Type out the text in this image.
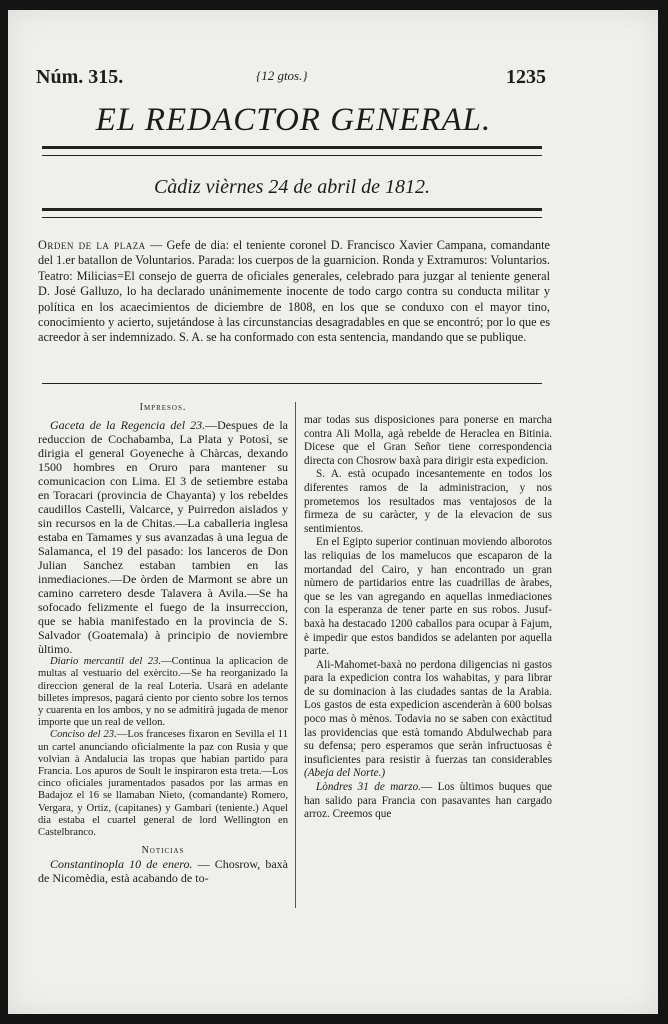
Núm. 315.	{12 gtos.}	1235
EL REDACTOR GENERAL.
Càdiz vièrnes 24 de abril de 1812.
Orden de la plaza — Gefe de dia: el teniente coronel D. Francisco Xavier Campana, comandante del 1.er batallon de Voluntarios. Parada: los cuerpos de la guarnicion. Ronda y Extramuros: Voluntarios. Teatro: Milicias=El consejo de guerra de oficiales generales, celebrado para juzgar al teniente general D. José Galluzo, lo ha declarado unánimemente inocente de todo cargo contra su conducta militar y política en los acaecimientos de diciembre de 1808, en los que se conduxo con el mayor tino, conocimiento y acierto, sujetándose à las circunstancias desagradables en que se encontró; por lo que es acreedor à ser indemnizado. S. A. se ha conformado con esta sentencia, mandando que se publique.

Impresos.

Gaceta de la Regencia del 23.—Despues de la reduccion de Cochabamba, La Plata y Potosì, se dirigia el general Goyeneche à Chàrcas, dexando 1500 hombres en Oruro para mantener su comunicacion con Lima. El 3 de setiembre estaba en Toracari (provincia de Chayanta) y los rebeldes caudillos Castelli, Valcarce, y Puirredon aislados y sin recursos en la de Chitas.—La caballeria inglesa estaba en Tamames y sus avanzadas à una legua de Salamanca, el 19 del pasado: los lanceros de Don Julian Sanchez estaban tambien en las inmediaciones.—De òrden de Marmont se abre un camino carretero desde Talavera à Avila.—Se ha sofocado felizmente el fuego de la insurreccion, que se habia manifestado en la provincia de S. Salvador (Goatemala) à principio de noviembre ùltimo.

Diario mercantil del 23.—Continua la aplicacion de multas al vestuario del exèrcito.—Se ha reorganizado la direccion general de la real Loteria. Usará en adelante billetes impresos, pagará ciento por ciento sobre los ternos y cuarenta en los ambos, y no se admitirà jugada de menor importe que un real de vellon.

Conciso del 23.—Los franceses fixaron en Sevilla el 11 un cartel anunciando oficialmente la paz con Rusia y que volvian à Andalucia las tropas que habian partido para Francia. Los apuros de Soult le inspiraron esta treta.—Los cinco oficiales juramentados pasados por las armas en Badajoz el 16 se llamaban Nieto, (comandante) Romero, Vergara, y Ortiz, (capitanes) y Gambari (teniente.) Aquel dia estaba el cuartel general de lord Wellington en Castelbranco.

Noticias

Constantinopla 10 de enero. — Chosrow, baxà de Nicomèdia, està acabando de to-

mar todas sus disposiciones para ponerse en marcha contra Ali Molla, agà rebelde de Heraclea en Bitinia. Dicese que el Gran Señor tiene correspondencia directa con Chosrow baxà para dirigir esta expedicion.

S. A. està ocupado incesantemente en todos los diferentes ramos de la administracion, y nos prometemos los resultados mas ventajosos de la firmeza de su caràcter, y de la elevacion de sus sentimientos.

En el Egipto superior continuan moviendo alborotos las reliquias de los mamelucos que escaparon de la mortandad del Cairo, y han encontrado un gran nùmero de partidarios entre las cuadrillas de àrabes, que se les van agregando en aquellas inmediaciones con la esperanza de tener parte en sus robos. Jusuf-baxà ha destacado 1200 caballos para ocupar à Fajum, è impedir que estos bandidos se adelanten por aquella parte.

Ali-Mahomet-baxà no perdona diligencias ni gastos para la expedicion contra los wahabitas, y para librar de su dominacion à las ciudades santas de la Arabia. Los gastos de esta expedicion ascenderàn à 600 bolsas poco mas ò mènos. Todavia no se saben con exàctitud las providencias que està tomando Abdulwechab para su defensa; pero esperamos que seràn infructuosas è insuficientes para resistir à fuerzas tan considerables (Abeja del Norte.)

Lòndres 31 de marzo.— Los ùltimos buques que han salido para Francia con pasavantes han cargado arroz. Creemos que
